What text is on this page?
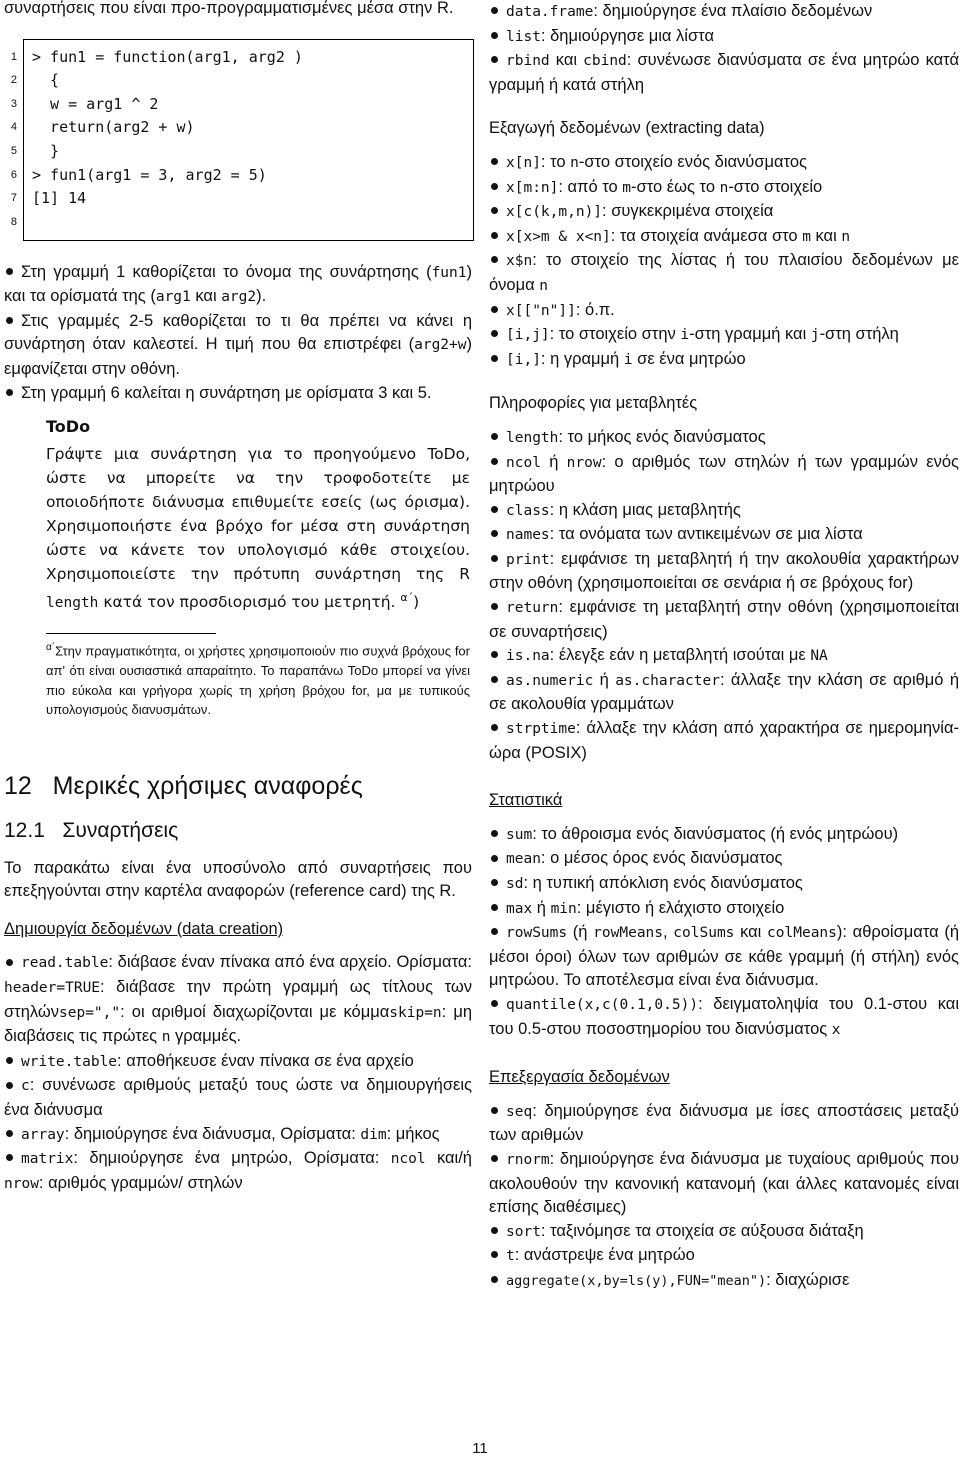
συναρτήσεις που είναι προ-προγραμματισμένες μέσα στην R.

1 > fun1 = function(arg1, arg2 )
2 {
3 w = arg1 ^ 2
4 return(arg2 + w)
5 }
6 > fun1(arg1 = 3, arg2 = 5)
7 [1] 14
8

Στη γραμμή 1 καθορίζεται το όνομα της συνάρτησης (fun1) και τα ορίσματά της (arg1 και arg2).

Στις γραμμές 2-5 καθορίζεται το τι θα πρέπει να κάνει η συνάρτηση όταν καλεστεί. Η τιμή που θα επιστρέφει (arg2+w) εμφανίζεται στην οθόνη.

Στη γραμμή 6 καλείται η συνάρτηση με ορίσματα 3 και 5.

ToDo

Γράψτε μια συνάρτηση για το προηγούμενο ToDo, ώστε να μπορείτε να την τροφοδοτείτε με οποιοδήποτε διάνυσμα επιθυμείτε εσείς (ως όρισμα). Χρησιμοποιήστε ένα βρόχο for μέσα στη συνάρτηση ώστε να κάνετε τον υπολογισμό κάθε στοιχείου. Χρησιμοποιείστε την πρότυπη συνάρτηση της R length κατά τον προσδιορισμό του μετρητή. $^{\alpha΄}$)

$^{\alpha΄}$Στην πραγματικότητα, οι χρήστες χρησιμοποιούν πιο συχνά βρόχους for απ' ότι είναι ουσιαστικά απαραίτητο. Το παραπάνω ToDo μπορεί να γίνει πιο εύκολα και γρήγορα χωρίς τη χρήση βρόχου for, μα με τυπικούς υπολογισμούς διανυσμάτων.

12   Μερικές χρήσιμες αναφορές
12.1   Συναρτήσεις

Το παρακάτω είναι ένα υποσύνολο από συναρτήσεις που επεξηγούνται στην καρτέλα αναφορών (reference card) της R.

Δημιουργία δεδομένων (data creation)

read.table: διάβασε έναν πίνακα από ένα αρχείο. Ορίσματα: header=TRUE: διάβασε την πρώτη γραμμή ως τίτλους των στηλώνsep=",": οι αριθμοί διαχωρίζονται με κόμμαskip=n: μη διαβάσεις τις πρώτες n γραμμές.

write.table: αποθήκευσε έναν πίνακα σε ένα αρχείο

c: συνένωσε αριθμούς μεταξύ τους ώστε να δημιουργήσεις ένα διάνυσμα

array: δημιούργησε ένα διάνυσμα, Ορίσματα: dim: μήκος

matrix: δημιούργησε ένα μητρώο, Ορίσματα: ncol και/ή nrow: αριθμός γραμμών/ στηλών

data.frame: δημιούργησε ένα πλαίσιο δεδομένων

list: δημιούργησε μια λίστα

rbind και cbind: συνένωσε διανύσματα σε ένα μητρώο κατά γραμμή ή κατά στήλη

Εξαγωγή δεδομένων (extracting data)

x[n]: το n-στο στοιχείο ενός διανύσματος

x[m:n]: από το m-στο έως το n-στο στοιχείο

x[c(k,m,n)]: συγκεκριμένα στοιχεία

x[x>m & x<n]: τα στοιχεία ανάμεσα στο m και n

x$n: το στοιχείο της λίστας ή του πλαισίου δεδομένων με όνομα n

x[["n"]]: ό.π.

[i,j]: το στοιχείο στην i-στη γραμμή και j-στη στήλη

[i,]: η γραμμή i σε ένα μητρώο

Πληροφορίες για μεταβλητές

length: το μήκος ενός διανύσματος

ncol ή nrow: ο αριθμός των στηλών ή των γραμμών ενός μητρώου

class: η κλάση μιας μεταβλητής

names: τα ονόματα των αντικειμένων σε μια λίστα

print: εμφάνισε τη μεταβλητή ή την ακολουθία χαρακτήρων στην οθόνη (χρησιμοποιείται σε σενάρια ή σε βρόχους for)

return: εμφάνισε τη μεταβλητή στην οθόνη (χρησιμοποιείται σε συναρτήσεις)

is.na: έλεγξε εάν η μεταβλητή ισούται με NA

as.numeric ή as.character: άλλαξε την κλάση σε αριθμό ή σε ακολουθία γραμμάτων

strptime: άλλαξε την κλάση από χαρακτήρα σε ημερομηνία-ώρα (POSIX)

Στατιστικά

sum: το άθροισμα ενός διανύσματος (ή ενός μητρώου)

mean: ο μέσος όρος ενός διανύσματος

sd: η τυπική απόκλιση ενός διανύσματος

max ή min: μέγιστο ή ελάχιστο στοιχείο

rowSums (ή rowMeans, colSums και colMeans): αθροίσματα (ή μέσοι όροι) όλων των αριθμών σε κάθε γραμμή (ή στήλη) ενός μητρώου. Το αποτέλεσμα είναι ένα διάνυσμα.

quantile(x,c(0.1,0.5)): δειγματοληψία του 0.1-στου και του 0.5-στου ποσοστημορίου του διανύσματος x

Επεξεργασία δεδομένων

seq: δημιούργησε ένα διάνυσμα με ίσες αποστάσεις μεταξύ των αριθμών

rnorm: δημιούργησε ένα διάνυσμα με τυχαίους αριθμούς που ακολουθούν την κανονική κατανομή (και άλλες κατανομές είναι επίσης διαθέσιμες)

sort: ταξινόμησε τα στοιχεία σε αύξουσα διάταξη

t: ανάστρεψε ένα μητρώο

aggregate(x,by=ls(y),FUN="mean"): διαχώρισε

11
